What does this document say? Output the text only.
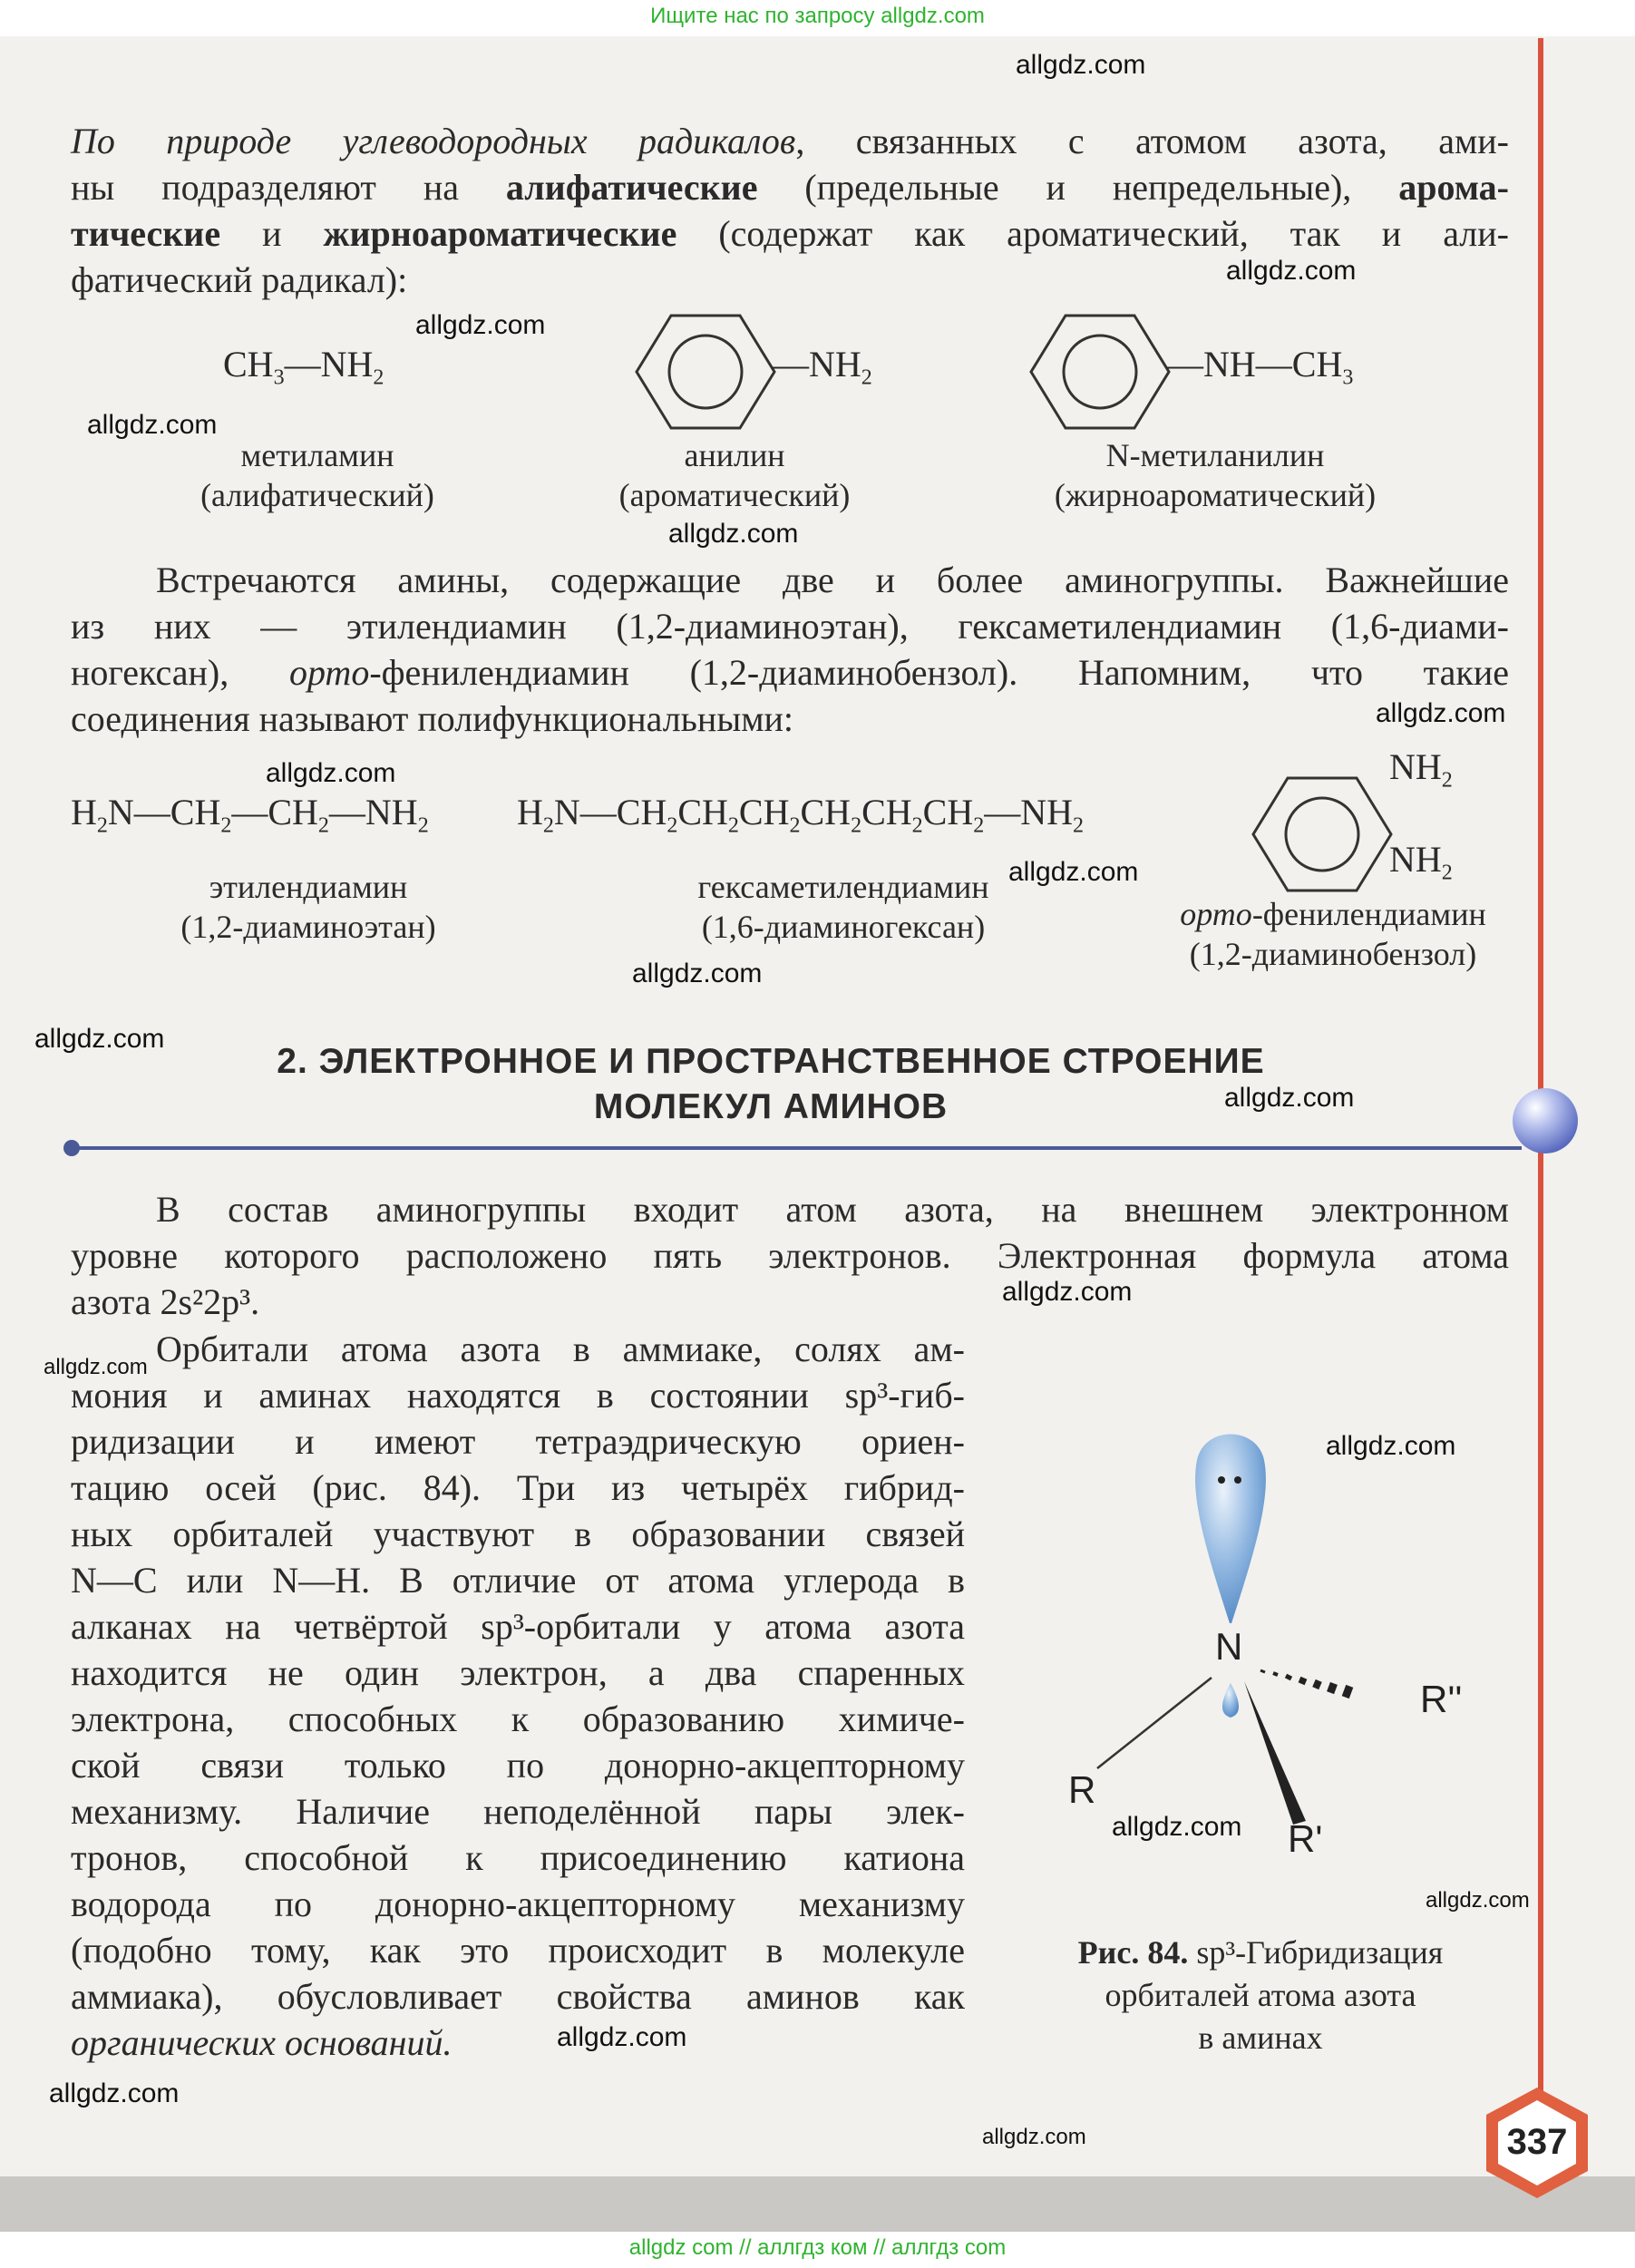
Ищите нас по запросу allgdz.com
allgdz com // аллгдз ком // аллгдз com
allgdz.com
allgdz.com
allgdz.com
allgdz.com
allgdz.com
allgdz.com
allgdz.com
allgdz.com
allgdz.com
allgdz.com
allgdz.com
allgdz.com
allgdz.com
allgdz.com
allgdz.com
allgdz.com
allgdz.com
allgdz.com
allgdz.com
По природе углеводородных радикалов, связанных с атомом азота, ами-
ны подразделяют на алифатические (предельные и непредельные), арома-
тические и жирноароматические (содержат как ароматический, так и али-
фатический радикал):
$CH_3—NH_2$
метиламин
(алифатический)
$—NH_2$
анилин
(ароматический)
$—NH—CH_3$
N-метиланилин
(жирноароматический)
Встречаются амины, содержащие две и более аминогруппы. Важнейшие
из них — этилендиамин (1,2-диаминоэтан), гексаметилендиамин (1,6-диами-
ногексан), орто-фенилендиамин (1,2-диаминобензол). Напомним, что такие
соединения называют полифункциональными:
$H_2N—CH_2—CH_2—NH_2$
этилендиамин
(1,2-диаминоэтан)
$H_2N—CH_2CH_2CH_2CH_2CH_2CH_2—NH_2$
гексаметилендиамин
(1,6-диаминогексан)
$NH_2$
$NH_2$
орто-фенилендиамин
(1,2-диаминобензол)
2. ЭЛЕКТРОННОЕ И ПРОСТРАНСТВЕННОЕ СТРОЕНИЕ
МОЛЕКУЛ АМИНОВ
В состав аминогруппы входит атом азота, на внешнем электронном
уровне которого расположено пять электронов. Электронная формула атома
азота 2s²2p³.
Орбитали атома азота в аммиаке, солях ам-
мония и аминах находятся в состоянии sp³-гиб-
ридизации и имеют тетраэдрическую ориен-
тацию осей (рис. 84). Три из четырёх гибрид-
ных орбиталей участвуют в образовании связей
N—C или N—H. В отличие от атома углерода в
алканах на четвёртой sp³-орбитали у атома азота
находится не один электрон, а два спаренных
электрона, способных к образованию химиче-
ской связи только по донорно-акцепторному
механизму. Наличие неподелённой пары элек-
тронов, способной к присоединению катиона
водорода по донорно-акцепторному механизму
(подобно тому, как это происходит в молекуле
аммиака), обусловливает свойства аминов как
органических оснований.
N
R''
R
R'
Рис. 84. sp³-Гибридизация
орбиталей атома азота
в аминах
337
